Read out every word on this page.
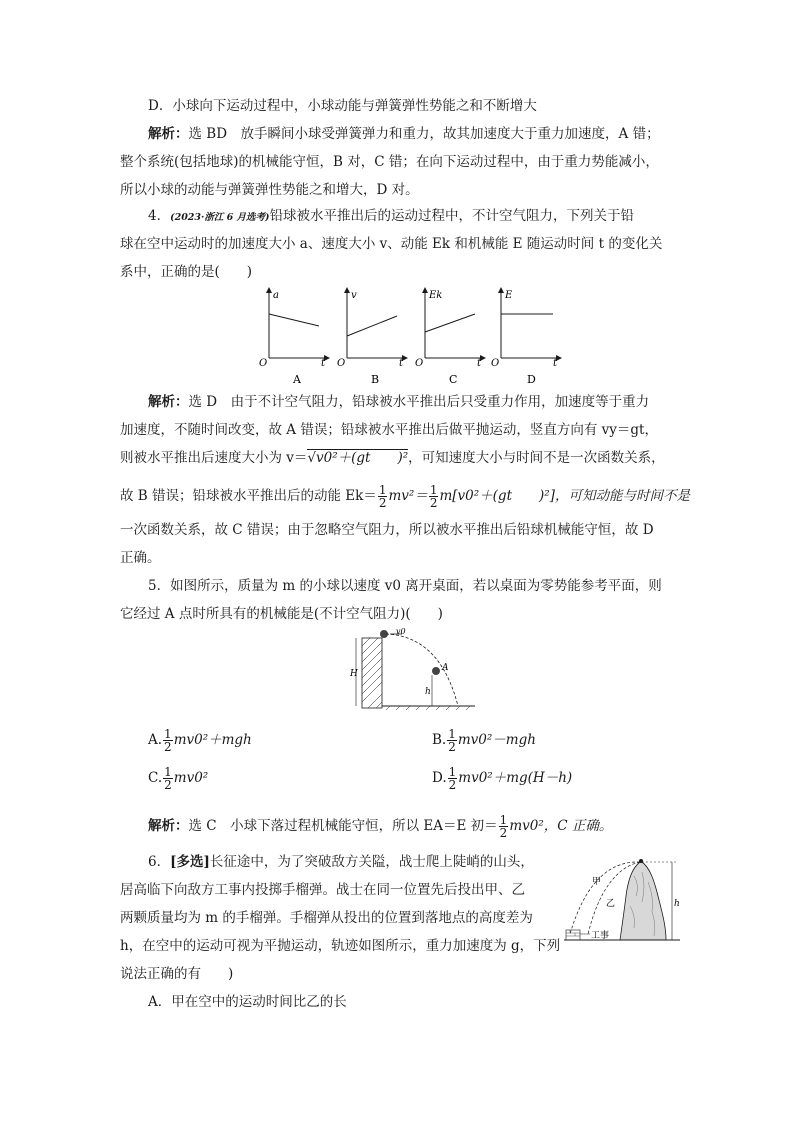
D．小球向下运动过程中，小球动能与弹簧弹性势能之和不断增大
解析：选 BD　放手瞬间小球受弹簧弹力和重力，故其加速度大于重力加速度，A 错；
整个系统(包括地球)的机械能守恒，B 对，C 错；在向下运动过程中，由于重力势能减小，
所以小球的动能与弹簧弹性势能之和增大，D 对。
4．(2023·浙江 6 月选考)铅球被水平推出后的运动过程中，不计空气阻力，下列关于铅
球在空中运动时的加速度大小 a、速度大小 v、动能 Ek 和机械能 E 随运动时间 t 的变化关
系中，正确的是(　　)
a
O	t
A
v
O	t
B
Ek
O	t
C
E
O	t
D
解析：选 D　由于不计空气阻力，铅球被水平推出后只受重力作用，加速度等于重力
加速度，不随时间改变，故 A 错误；铅球被水平推出后做平抛运动，竖直方向有 vy＝gt，
则被水平推出后速度大小为 v＝√v0²＋(gt　　)²，可知速度大小与时间不是一次函数关系，
故 B 错误；铅球被水平推出后的动能 $Ek= \frac{1}{2} mv^2= \frac{1}{2} m[v0^2+(gt$　　)²]，可知动能与时间不是
一次函数关系，故 C 错误；由于忽略空气阻力，所以被水平推出后铅球机械能守恒，故 D
正确。
5．如图所示，质量为 m 的小球以速度 v0 离开桌面，若以桌面为零势能参考平面，则
它经过 A 点时所具有的机械能是(不计空气阻力)(　　)
v0
A
H
h
A. $\frac{1}{2} mv0^2+mgh$	B. $\frac{1}{2} mv0^2-mgh$
C. $\frac{1}{2} mv0^2$	D. $\frac{1}{2} mv0^2+mg(H-h)$
解析：选 C　小球下落过程机械能守恒，所以 EA＝E 初＝ $\frac{1}{2} mv0^2$，C 正确。
6．[多选]长征途中，为了突破敌方关隘，战士爬上陡峭的山头，
居高临下向敌方工事内投掷手榴弹。战士在同一位置先后投出甲、乙
两颗质量均为 m 的手榴弹。手榴弹从投出的位置到落地点的高度差为
h，在空中的运动可视为平抛运动，轨迹如图所示，重力加速度为 g，下列
说法正确的有　　)
甲
乙	h
工事
A．甲在空中的运动时间比乙的长
